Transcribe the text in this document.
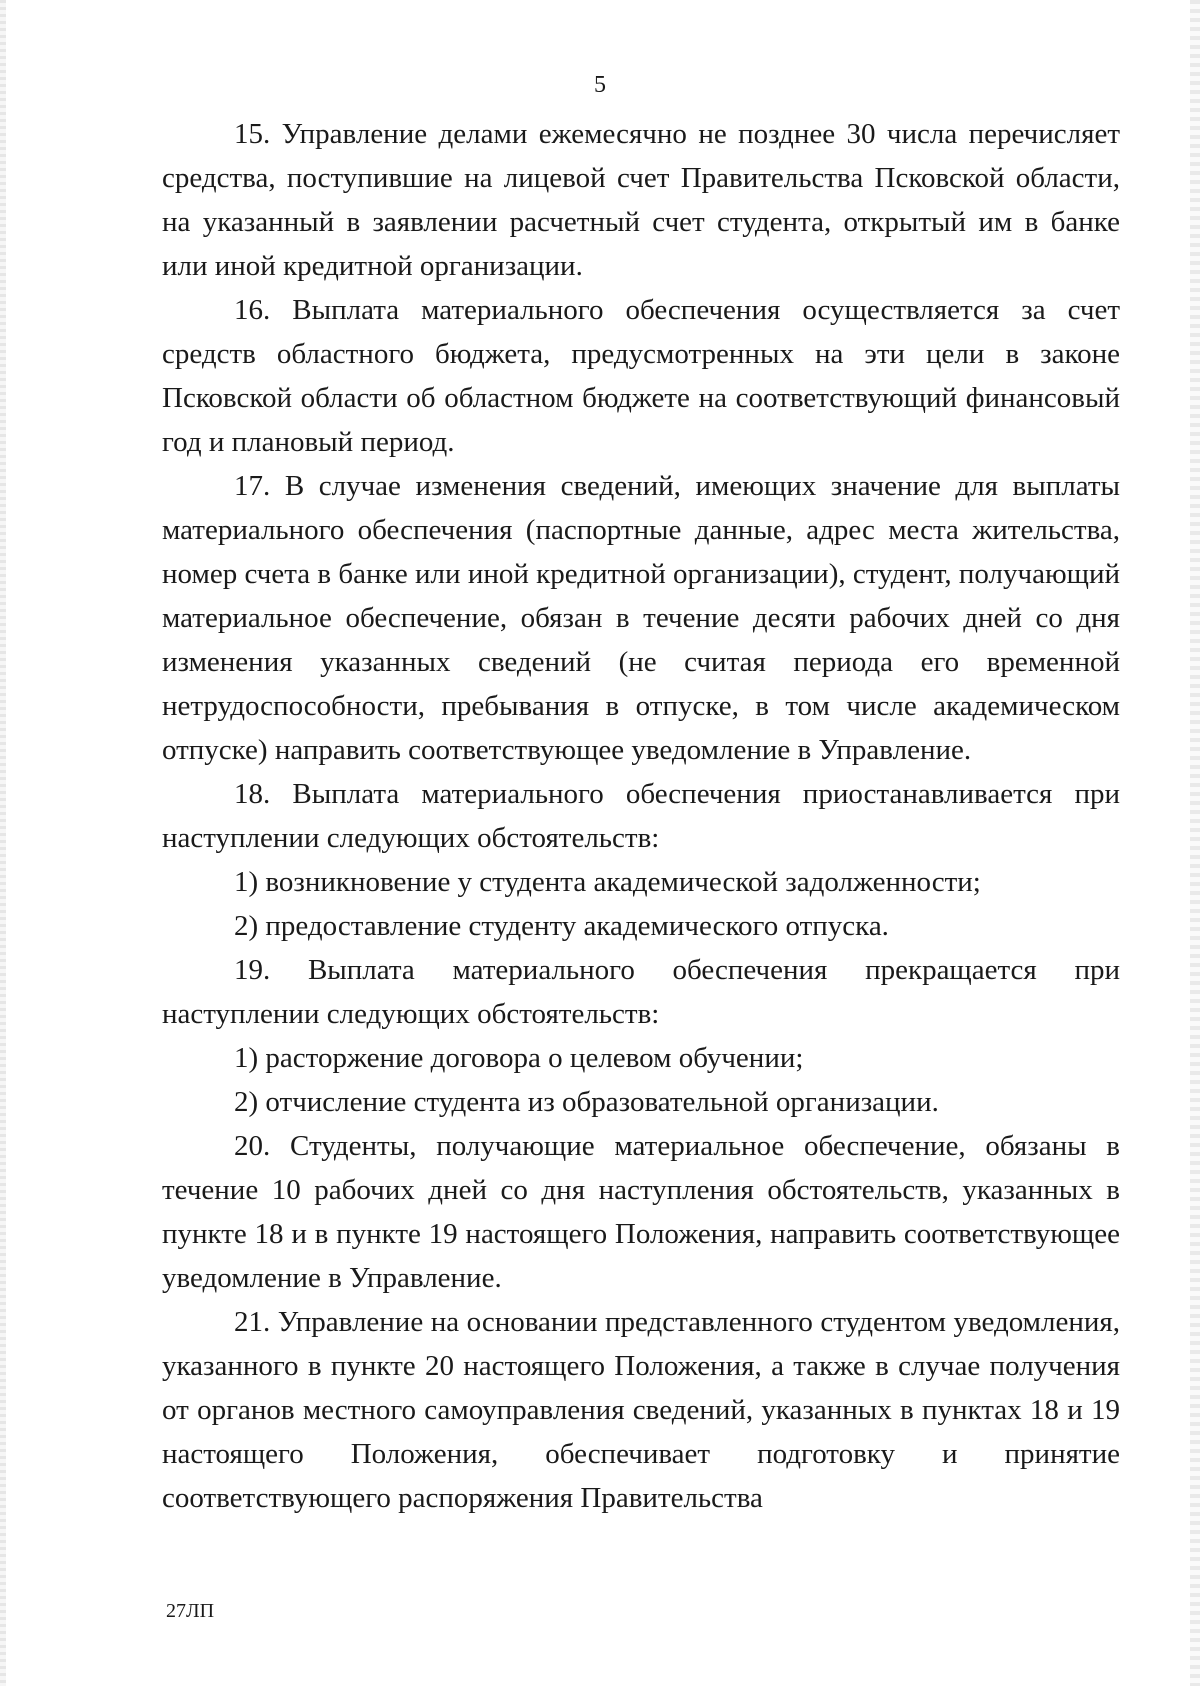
5

15. Управление делами ежемесячно не позднее 30 числа перечисляет средства, поступившие на лицевой счет Правительства Псковской области, на указанный в заявлении расчетный счет студента, открытый им в банке или иной кредитной организации.

16. Выплата материального обеспечения осуществляется за счет средств областного бюджета, предусмотренных на эти цели в законе Псковской области об областном бюджете на соответствующий финансовый год и плановый период.

17. В случае изменения сведений, имеющих значение для выплаты материального обеспечения (паспортные данные, адрес места жительства, номер счета в банке или иной кредитной организации), студент, получающий материальное обеспечение, обязан в течение десяти рабочих дней со дня изменения указанных сведений (не считая периода его временной нетрудоспособности, пребывания в отпуске, в том числе академическом отпуске) направить соответствующее уведомление в Управление.

18. Выплата материального обеспечения приостанавливается при наступлении следующих обстоятельств:

1) возникновение у студента академической задолженности;

2) предоставление студенту академического отпуска.

19. Выплата материального обеспечения прекращается при наступлении следующих обстоятельств:

1) расторжение договора о целевом обучении;

2) отчисление студента из образовательной организации.

20. Студенты, получающие материальное обеспечение, обязаны в течение 10 рабочих дней со дня наступления обстоятельств, указанных в пункте 18 и в пункте 19 настоящего Положения, направить соответствующее уведомление в Управление.

21. Управление на основании представленного студентом уведомления, указанного в пункте 20 настоящего Положения, а также в случае получения от органов местного самоуправления сведений, указанных в пунктах 18 и 19 настоящего Положения, обеспечивает подготовку и принятие соответствующего распоряжения Правительства

27ЛП
